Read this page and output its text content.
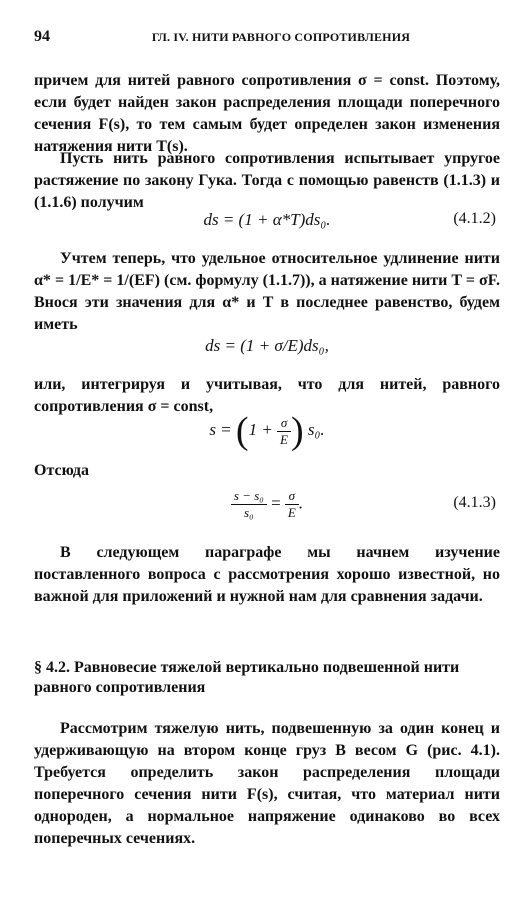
94	ГЛ. IV. НИТИ РАВНОГО СОПРОТИВЛЕНИЯ
причем для нитей равного сопротивления σ = const. Поэтому, если будет найден закон распределения площади поперечного сечения F(s), то тем самым будет определен закон изменения натяжения нити T(s).
Пусть нить равного сопротивления испытывает упругое растяжение по закону Гука. Тогда с помощью равенств (1.1.3) и (1.1.6) получим
ds = (1 + α*T)ds₀.	(4.1.2)
Учтем теперь, что удельное относительное удлинение нити α* = 1/E* = 1/(EF) (см. формулу (1.1.7)), а натяжение нити T = σF. Внося эти значения для α* и T в последнее равенство, будем иметь
ds = (1 + σ/E)ds₀,
или, интегрируя и учитывая, что для нитей, равного сопротивления σ = const,
$s = (1 + \frac{\sigma}{E}$ ) s₀.
Отсюда
$\frac{\text{s − s₀}}{\text{s₀}} = \frac{\sigma}{E}$ .	(4.1.3)
В следующем параграфе мы начнем изучение поставленного вопроса с рассмотрения хорошо известной, но важной для приложений и нужной нам для сравнения задачи.
§ 4.2. Равновесие тяжелой вертикально подвешенной нити равного сопротивления
Рассмотрим тяжелую нить, подвешенную за один конец и удерживающую на втором конце груз B весом G (рис. 4.1). Требуется определить закон распределения площади поперечного сечения нити F(s), считая, что материал нити однороден, а нормальное напряжение одинаково во всех поперечных сечениях.
